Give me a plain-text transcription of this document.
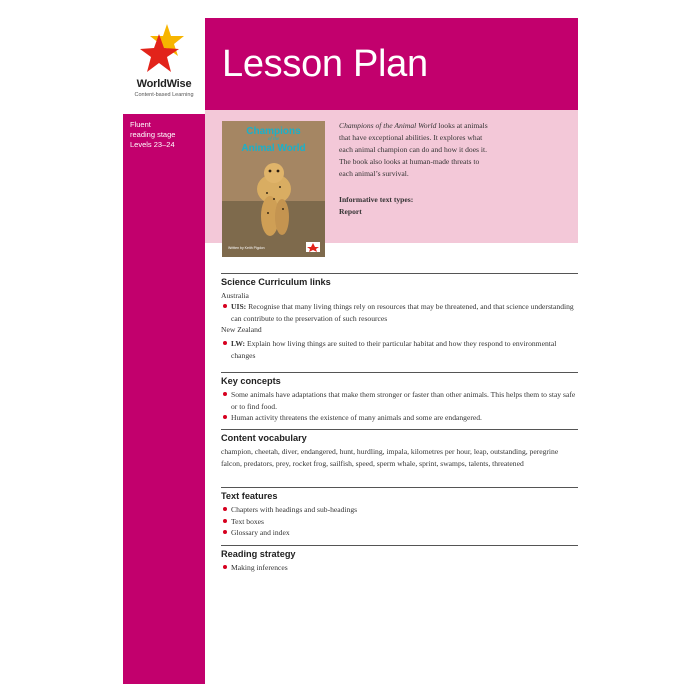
WorldWise
Content-based Learning
Lesson Plan
Fluent
reading stage
Levels 23–24
Champions
of the
Animal World
Written by Keith Pigdon

Champions of the Animal World looks at animals that have exceptional abilities. It explores what each animal champion can do and how it does it. The book also looks at human-made threats to each animal’s survival.

Informative text types:
Report
Science Curriculum links
Australia
UIS: Recognise that many living things rely on resources that may be threatened, and that science understanding can contribute to the preservation of such resources
New Zealand
LW: Explain how living things are suited to their particular habitat and how they respond to environmental changes
Key concepts
Some animals have adaptations that make them stronger or faster than other animals. This helps them to stay safe or to find food.
Human activity threatens the existence of many animals and some are endangered.
Content vocabulary

champion, cheetah, diver, endangered, hunt, hurdling, impala, kilometres per hour, leap, outstanding, peregrine falcon, predators, prey, rocket frog, sailfish, speed, sperm whale, sprint, swamps, talents, threatened

Text features
Chapters with headings and sub-headings
Text boxes
Glossary and index
Reading strategy
Making inferences
